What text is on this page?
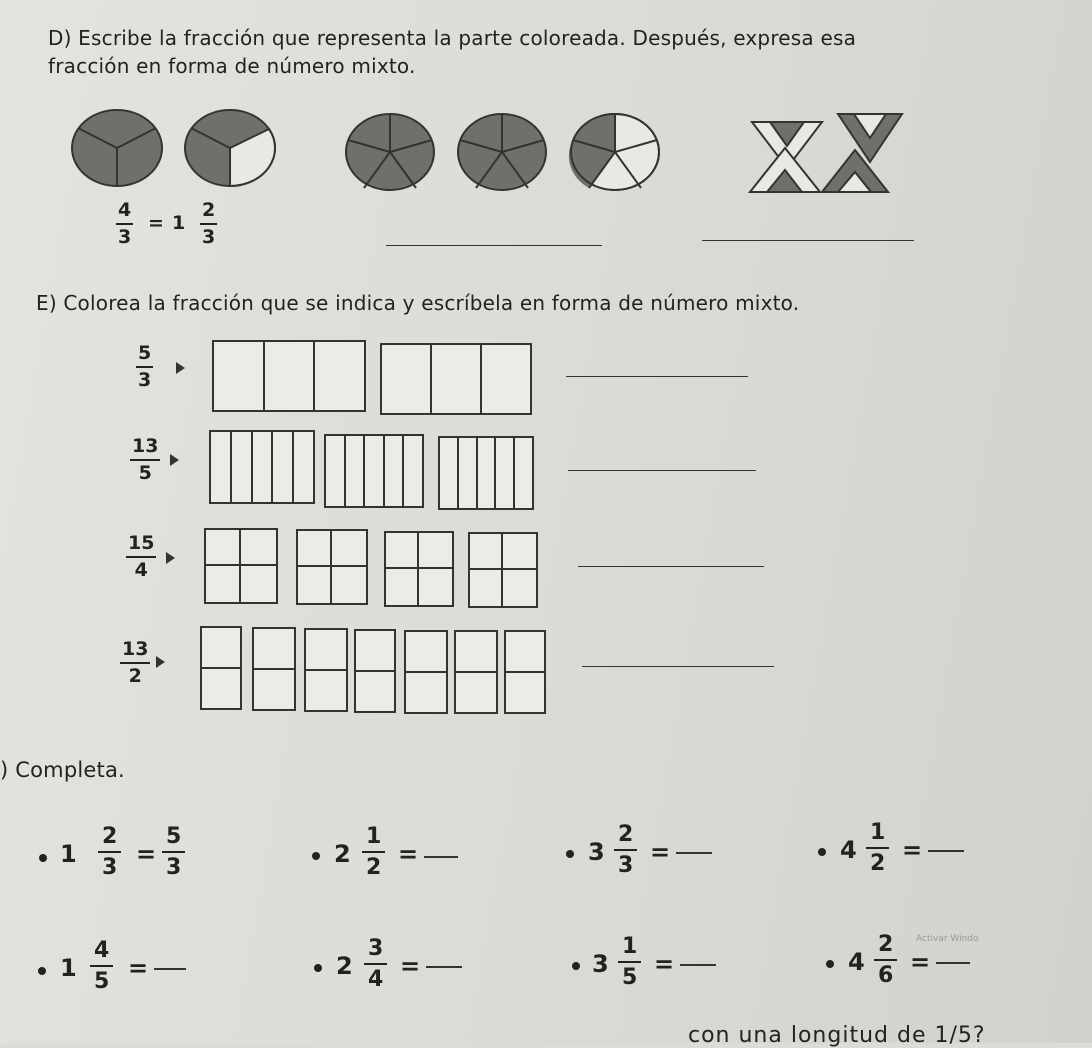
D) Escribe la fracción que representa la parte coloreada. Después, expresa esa
fracción en forma de número mixto.
$\frac{4}{3} = 1 \frac{2}{3}$
E) Colorea la fracción que se indica y escríbela en forma de número mixto.
$\frac{5}{3}$
$\frac{13}{5}$
$\frac{15}{4}$
$\frac{13}{2}$
) Completa.
$1 \frac{2}{3} = \frac{5}{3}$	$2 \frac{1}{2}$ =	$3 \frac{2}{3}$ =	$4 \frac{1}{2}$ =
$1 \frac{4}{5}$ =	$2 \frac{3}{4}$ =	$3 \frac{1}{5}$ =	$4 \frac{2}{6}$ =
Activar Windo
con una longitud de 1/5?
